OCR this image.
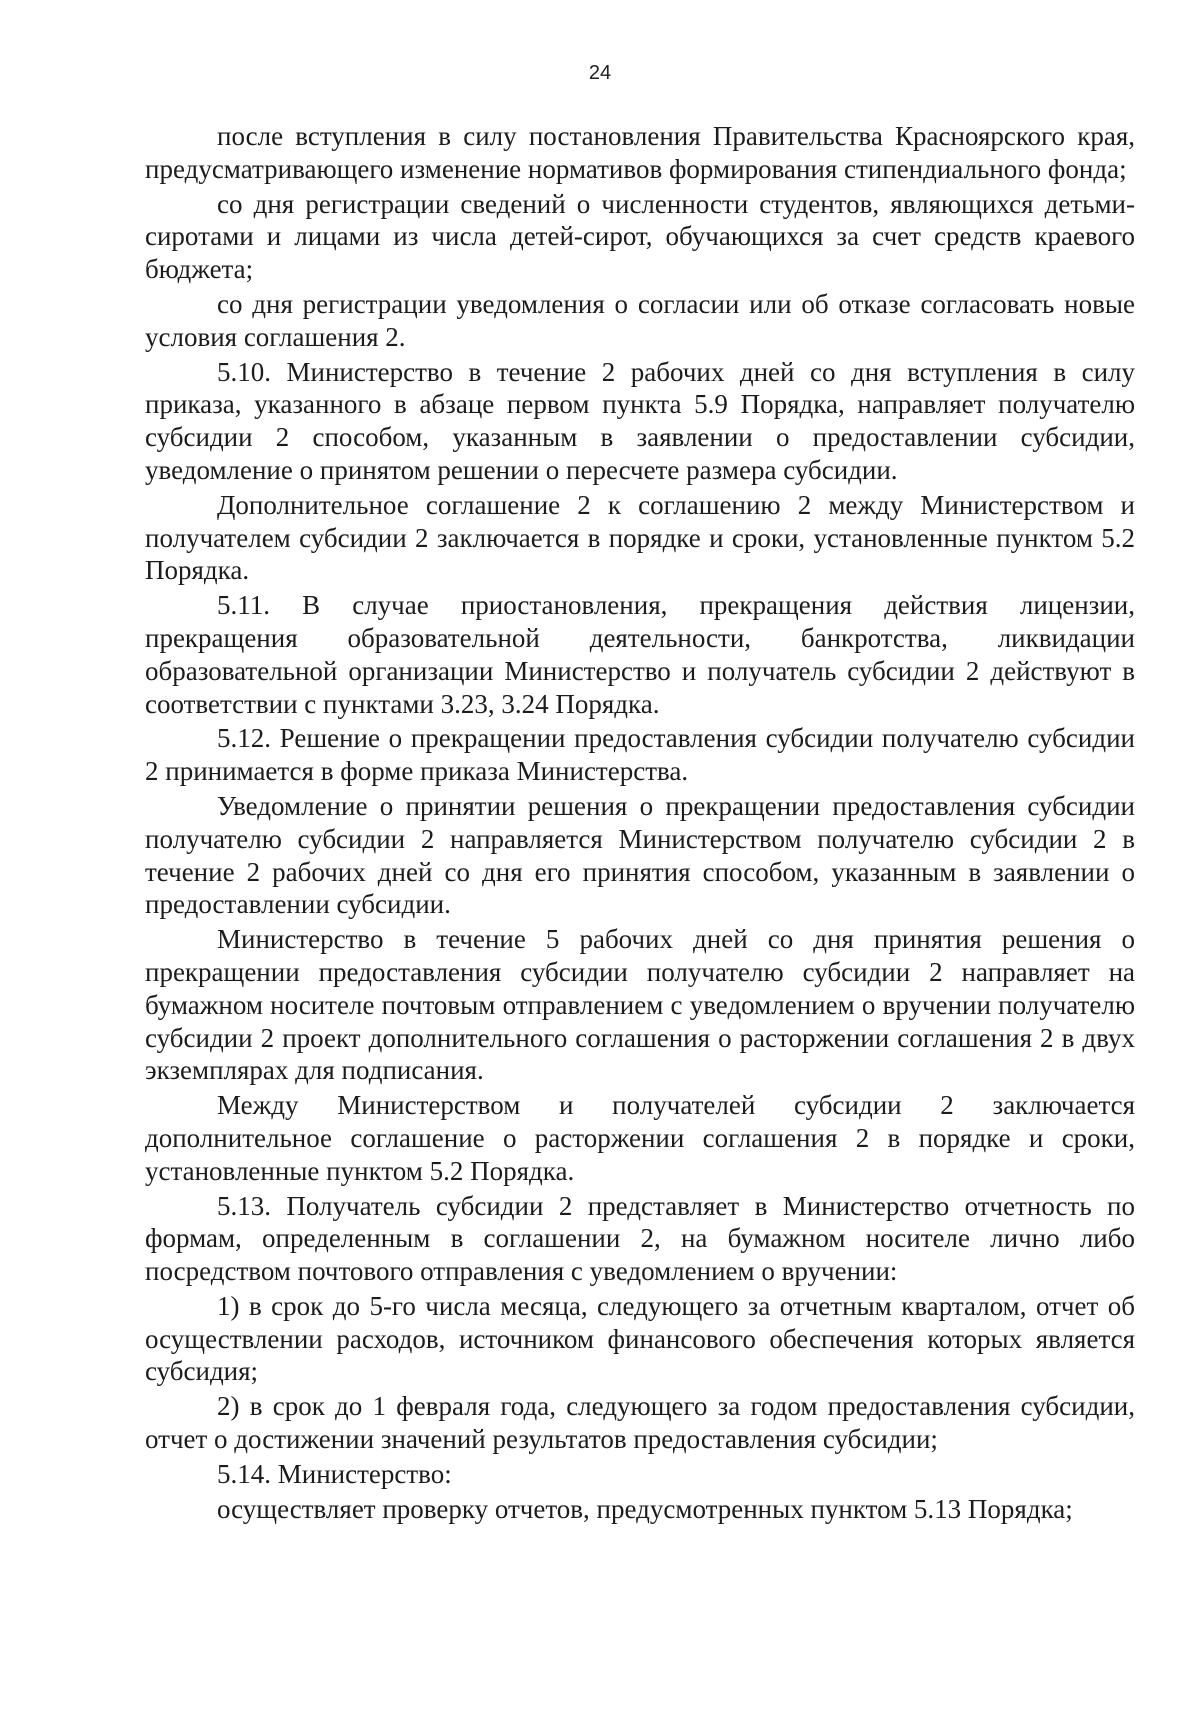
24

после вступления в силу постановления Правительства Красноярского края, предусматривающего изменение нормативов формирования стипендиального фонда;

со дня регистрации сведений о численности студентов, являющихся детьми-сиротами и лицами из числа детей-сирот, обучающихся за счет средств краевого бюджета;

со дня регистрации уведомления о согласии или об отказе согласовать новые условия соглашения 2.

5.10. Министерство в течение 2 рабочих дней со дня вступления в силу приказа, указанного в абзаце первом пункта 5.9 Порядка, направляет получателю субсидии 2 способом, указанным в заявлении о предоставлении субсидии, уведомление о принятом решении о пересчете размера субсидии.

Дополнительное соглашение 2 к соглашению 2 между Министерством и получателем субсидии 2 заключается в порядке и сроки, установленные пунктом 5.2 Порядка.

5.11. В случае приостановления, прекращения действия лицензии, прекращения образовательной деятельности, банкротства, ликвидации образовательной организации Министерство и получатель субсидии 2 действуют в соответствии с пунктами 3.23, 3.24 Порядка.

5.12. Решение о прекращении предоставления субсидии получателю субсидии 2 принимается в форме приказа Министерства.

Уведомление о принятии решения о прекращении предоставления субсидии получателю субсидии 2 направляется Министерством получателю субсидии 2 в течение 2 рабочих дней со дня его принятия способом, указанным в заявлении о предоставлении субсидии.

Министерство в течение 5 рабочих дней со дня принятия решения о прекращении предоставления субсидии получателю субсидии 2 направляет на бумажном носителе почтовым отправлением с уведомлением о вручении получателю субсидии 2 проект дополнительного соглашения о расторжении соглашения 2 в двух экземплярах для подписания.

Между Министерством и получателей субсидии 2 заключается дополнительное соглашение о расторжении соглашения 2 в порядке и сроки, установленные пунктом 5.2 Порядка.

5.13. Получатель субсидии 2 представляет в Министерство отчетность по формам, определенным в соглашении 2, на бумажном носителе лично либо посредством почтового отправления с уведомлением о вручении:

1) в срок до 5-го числа месяца, следующего за отчетным кварталом, отчет об осуществлении расходов, источником финансового обеспечения которых является субсидия;

2) в срок до 1 февраля года, следующего за годом предоставления субсидии, отчет о достижении значений результатов предоставления субсидии;

5.14. Министерство:

осуществляет проверку отчетов, предусмотренных пунктом 5.13 Порядка;
